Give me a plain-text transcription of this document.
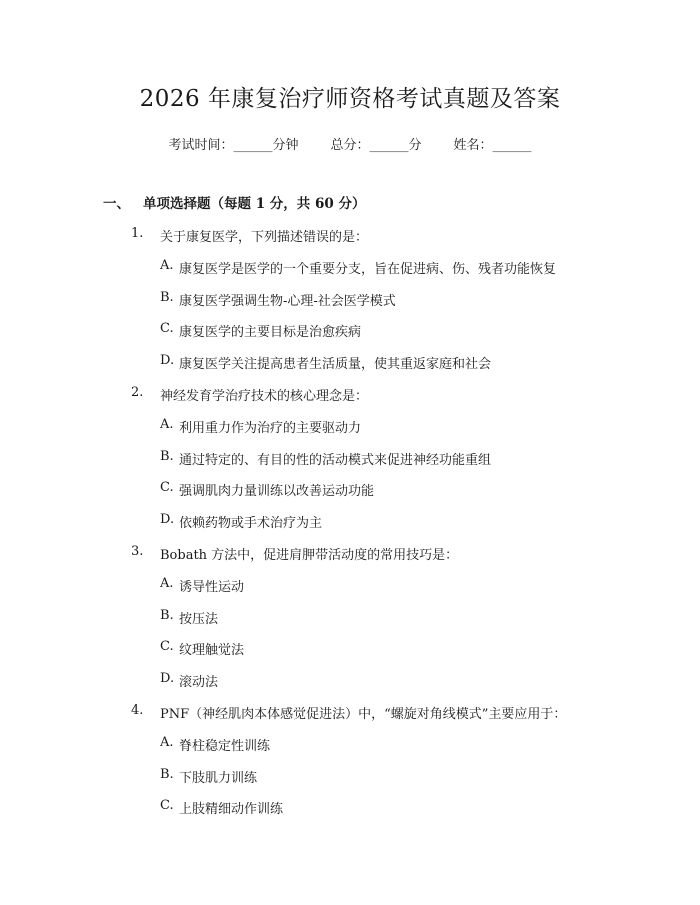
2026 年康复治疗师资格考试真题及答案
考试时间：______分钟 总分：______分 姓名：______
一、 单项选择题（每题 1 分，共 60 分）
1. 关于康复医学，下列描述错误的是：
A. 康复医学是医学的一个重要分支，旨在促进病、伤、残者功能恢复
B. 康复医学强调生物-心理-社会医学模式
C. 康复医学的主要目标是治愈疾病
D. 康复医学关注提高患者生活质量，使其重返家庭和社会
2. 神经发育学治疗技术的核心理念是：
A. 利用重力作为治疗的主要驱动力
B. 通过特定的、有目的性的活动模式来促进神经功能重组
C. 强调肌肉力量训练以改善运动功能
D. 依赖药物或手术治疗为主
3. Bobath 方法中，促进肩胛带活动度的常用技巧是：
A. 诱导性运动
B. 按压法
C. 纹理触觉法
D. 滚动法
4. PNF（神经肌肉本体感觉促进法）中，“螺旋对角线模式”主要应用于：
A. 脊柱稳定性训练
B. 下肢肌力训练
C. 上肢精细动作训练
